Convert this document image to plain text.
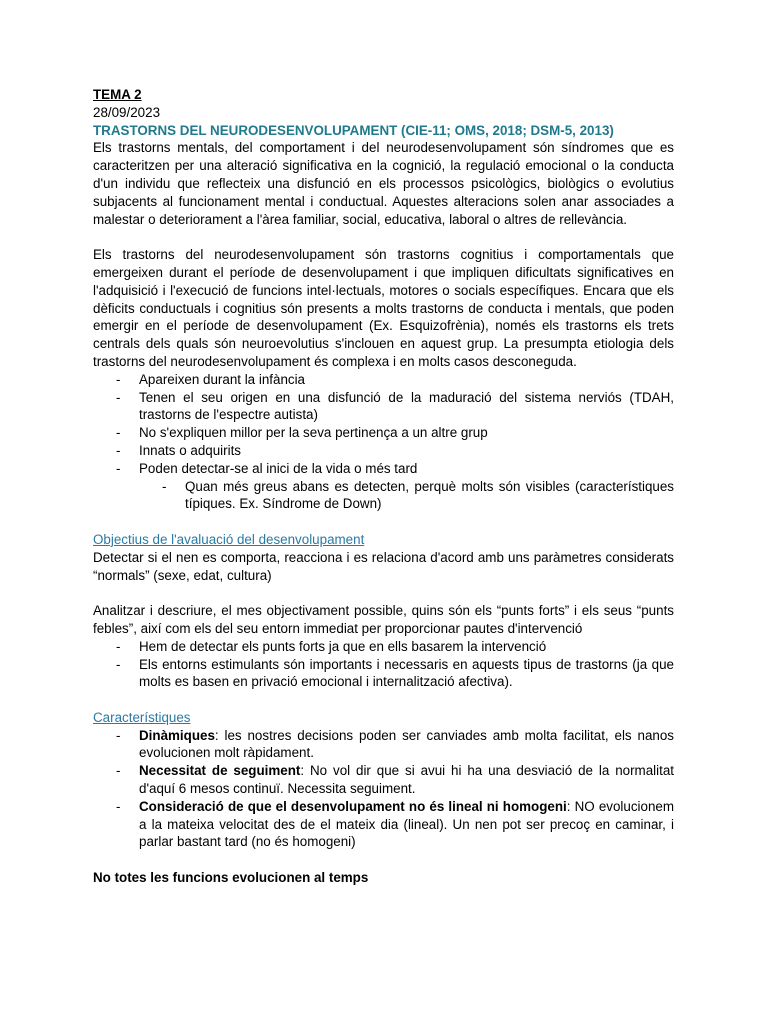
TEMA 2
28/09/2023
TRASTORNS DEL NEURODESENVOLUPAMENT (CIE-11; OMS, 2018; DSM-5, 2013)

Els trastorns mentals, del comportament i del neurodesenvolupament són síndromes que es caracteritzen per una alteració significativa en la cognició, la regulació emocional o la conducta d'un individu que reflecteix una disfunció en els processos psicològics, biològics o evolutius subjacents al funcionament mental i conductual. Aquestes alteracions solen anar associades a malestar o deteriorament a l'àrea familiar, social, educativa, laboral o altres de rellevància.

Els trastorns del neurodesenvolupament són trastorns cognitius i comportamentals que emergeixen durant el període de desenvolupament i que impliquen dificultats significatives en l'adquisició i l'execució de funcions intel·lectuals, motores o socials específiques. Encara que els dèficits conductuals i cognitius són presents a molts trastorns de conducta i mentals, que poden emergir en el període de desenvolupament (Ex. Esquizofrènia), només els trastorns els trets centrals dels quals són neuroevolutius s'inclouen en aquest grup. La presumpta etiologia dels trastorns del neurodesenvolupament és complexa i en molts casos desconeguda.

- Apareixen durant la infància
- Tenen el seu origen en una disfunció de la maduració del sistema nerviós (TDAH, trastorns de l'espectre autista)
- No s'expliquen millor per la seva pertinença a un altre grup
- Innats o adquirits
- Poden detectar-se al inici de la vida o més tard
- Quan més greus abans es detecten, perquè molts són visibles (característiques típiques. Ex. Síndrome de Down)
Objectius de l'avaluació del desenvolupament

Detectar si el nen es comporta, reacciona i es relaciona d'acord amb uns paràmetres considerats “normals” (sexe, edat, cultura)

Analitzar i descriure, el mes objectivament possible, quins són els “punts forts” i els seus “punts febles”, així com els del seu entorn immediat per proporcionar pautes d'intervenció

- Hem de detectar els punts forts ja que en ells basarem la intervenció
- Els entorns estimulants són importants i necessaris en aquests tipus de trastorns (ja que molts es basen en privació emocional i internalització afectiva).
Característiques
- Dinàmiques: les nostres decisions poden ser canviades amb molta facilitat, els nanos evolucionen molt ràpidament.
- Necessitat de seguiment: No vol dir que si avui hi ha una desviació de la normalitat d'aquí 6 mesos continuï. Necessita seguiment.
- Consideració de que el desenvolupament no és lineal ni homogeni: NO evolucionem a la mateixa velocitat des de el mateix dia (lineal). Un nen pot ser precoç en caminar, i parlar bastant tard (no és homogeni)

No totes les funcions evolucionen al temps
